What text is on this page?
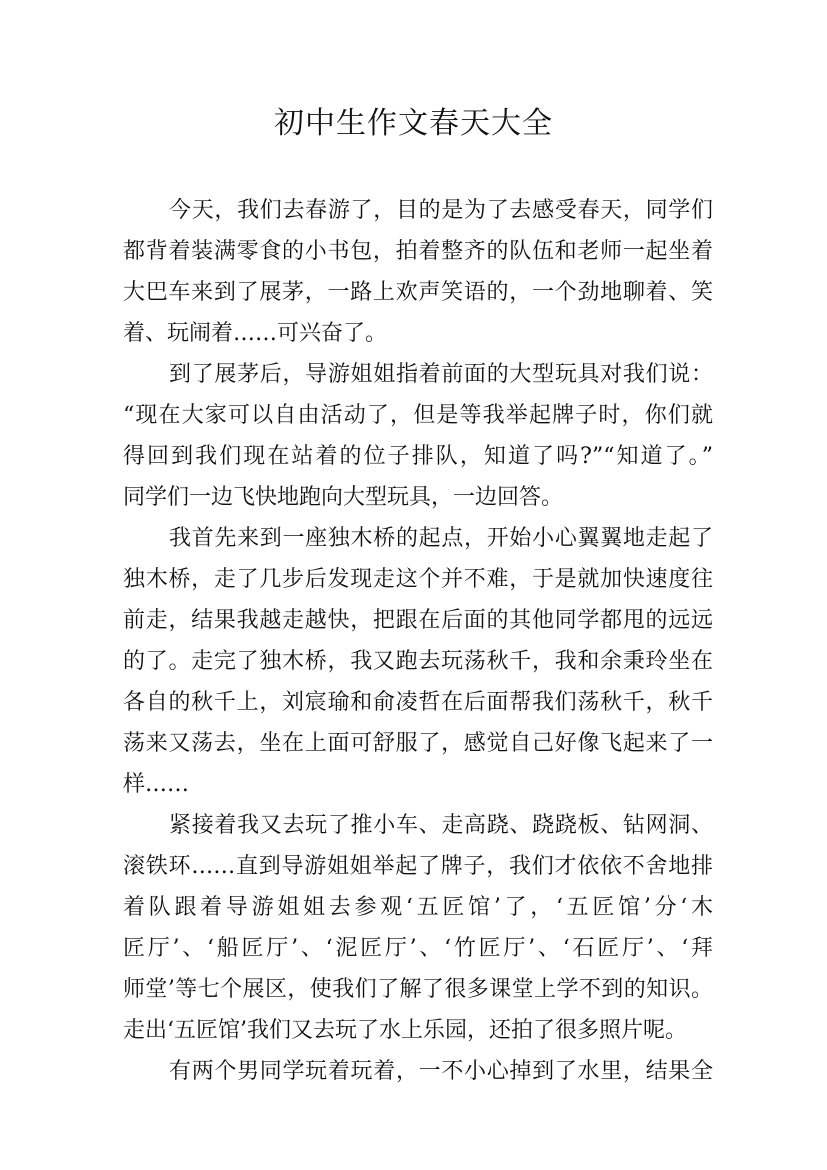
初中生作文春天大全
今天，我们去春游了，目的是为了去感受春天，同学们
都背着装满零食的小书包，拍着整齐的队伍和老师一起坐着
大巴车来到了展茅，一路上欢声笑语的，一个劲地聊着、笑
着、玩闹着……可兴奋了。
到了展茅后，导游姐姐指着前面的大型玩具对我们说：
“现在大家可以自由活动了，但是等我举起牌子时，你们就
得回到我们现在站着的位子排队，知道了吗?”“知道了。”
同学们一边飞快地跑向大型玩具，一边回答。
我首先来到一座独木桥的起点，开始小心翼翼地走起了
独木桥，走了几步后发现走这个并不难，于是就加快速度往
前走，结果我越走越快，把跟在后面的其他同学都甩的远远
的了。走完了独木桥，我又跑去玩荡秋千，我和余秉玲坐在
各自的秋千上，刘宸瑜和俞凌哲在后面帮我们荡秋千，秋千
荡来又荡去，坐在上面可舒服了，感觉自己好像飞起来了一
样……
紧接着我又去玩了推小车、走高跷、跷跷板、钻网洞、
滚铁环……直到导游姐姐举起了牌子，我们才依依不舍地排
着队跟着导游姐姐去参观‘五匠馆’了，‘五匠馆’分‘木
匠厅’、‘船匠厅’、‘泥匠厅’、‘竹匠厅’、‘石匠厅’、‘拜
师堂’等七个展区，使我们了解了很多课堂上学不到的知识。
走出‘五匠馆’我们又去玩了水上乐园，还拍了很多照片呢。
有两个男同学玩着玩着，一不小心掉到了水里，结果全
